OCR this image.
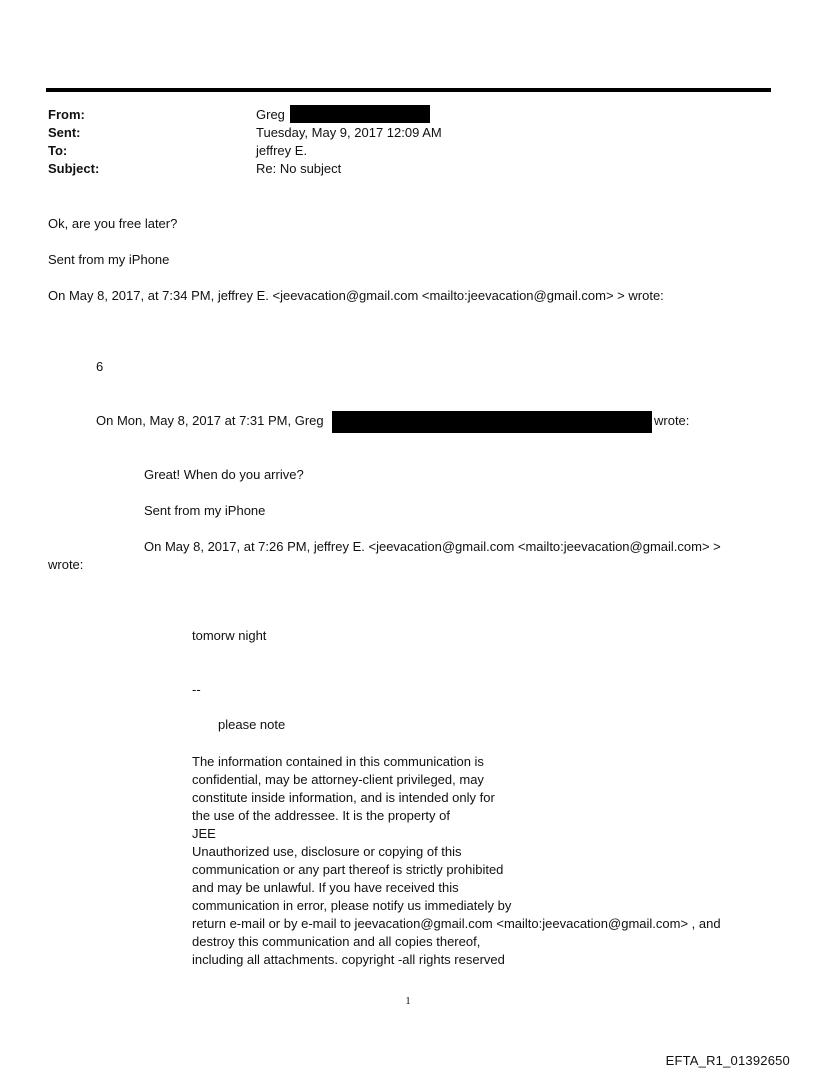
From:	Greg
Sent:	Tuesday, May 9, 2017 12:09 AM
To:	jeffrey E.
Subject:	Re: No subject
Ok, are you free later?
Sent from my iPhone
On May 8, 2017, at 7:34 PM, jeffrey E. <jeevacation@gmail.com <mailto:jeevacation@gmail.com> > wrote:
6
On Mon, May 8, 2017 at 7:31 PM, Greg	wrote:
Great! When do you arrive?
Sent from my iPhone
On May 8, 2017, at 7:26 PM, jeffrey E. <jeevacation@gmail.com <mailto:jeevacation@gmail.com> >
wrote:
tomorw night
--
please note
The information contained in this communication is
confidential, may be attorney-client privileged, may
constitute inside information, and is intended only for
the use of the addressee. It is the property of
JEE
Unauthorized use, disclosure or copying of this
communication or any part thereof is strictly prohibited
and may be unlawful. If you have received this
communication in error, please notify us immediately by
return e-mail or by e-mail to jeevacation@gmail.com <mailto:jeevacation@gmail.com> , and
destroy this communication and all copies thereof,
including all attachments. copyright -all rights reserved
1
EFTA_R1_01392650
